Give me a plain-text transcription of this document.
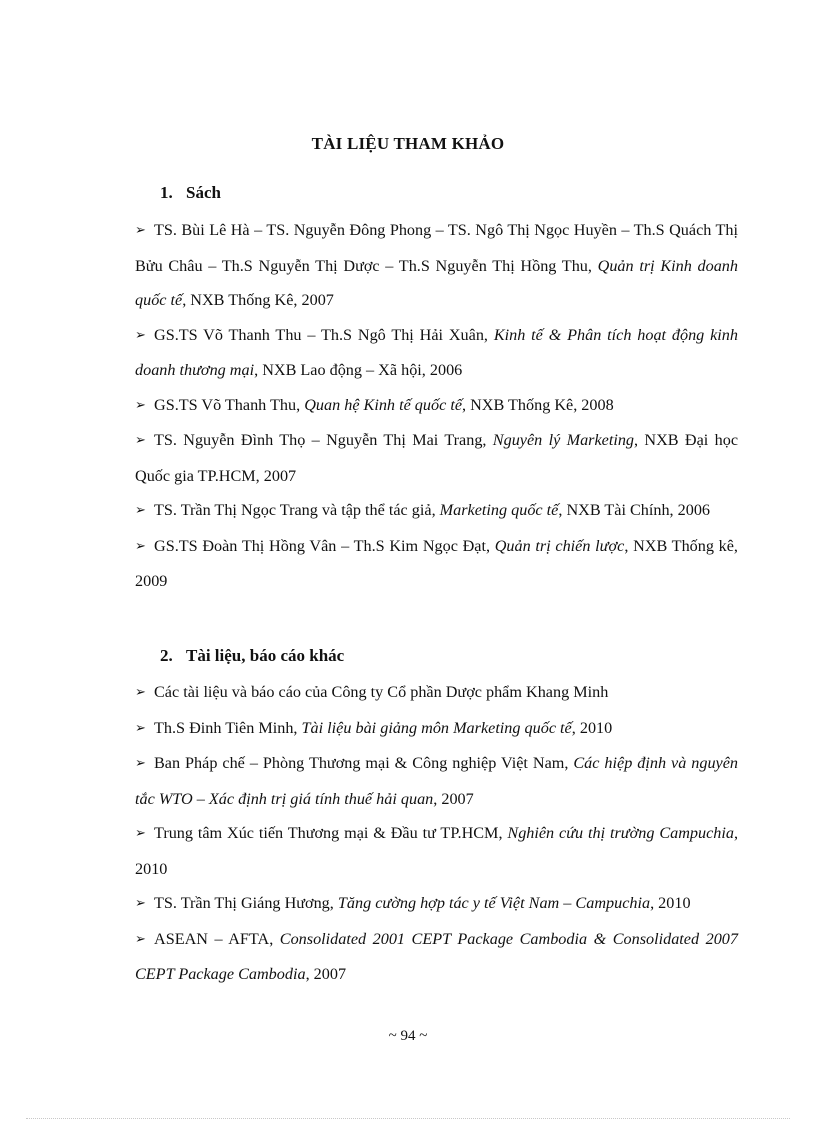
TÀI LIỆU THAM KHẢO
1. Sách

➢ TS. Bùi Lê Hà – TS. Nguyễn Đông Phong – TS. Ngô Thị Ngọc Huyền – Th.S Quách Thị Bửu Châu – Th.S Nguyễn Thị Dược – Th.S Nguyễn Thị Hồng Thu, Quản trị Kinh doanh quốc tế, NXB Thống Kê, 2007

➢ GS.TS Võ Thanh Thu – Th.S Ngô Thị Hải Xuân, Kinh tế & Phân tích hoạt động kinh doanh thương mại, NXB Lao động – Xã hội, 2006

➢ GS.TS Võ Thanh Thu, Quan hệ Kinh tế quốc tế, NXB Thống Kê, 2008

➢ TS. Nguyễn Đình Thọ – Nguyễn Thị Mai Trang, Nguyên lý Marketing, NXB Đại học Quốc gia TP.HCM, 2007

➢ TS. Trần Thị Ngọc Trang và tập thể tác giả, Marketing quốc tế, NXB Tài Chính, 2006

➢ GS.TS Đoàn Thị Hồng Vân – Th.S Kim Ngọc Đạt, Quản trị chiến lược, NXB Thống kê, 2009

2. Tài liệu, báo cáo khác

➢ Các tài liệu và báo cáo của Công ty Cổ phần Dược phẩm Khang Minh

➢ Th.S Đinh Tiên Minh, Tài liệu bài giảng môn Marketing quốc tế, 2010

➢ Ban Pháp chế – Phòng Thương mại & Công nghiệp Việt Nam, Các hiệp định và nguyên tắc WTO – Xác định trị giá tính thuế hải quan, 2007

➢ Trung tâm Xúc tiến Thương mại & Đầu tư TP.HCM, Nghiên cứu thị trường Campuchia, 2010

➢ TS. Trần Thị Giáng Hương, Tăng cường hợp tác y tế Việt Nam – Campuchia, 2010

➢ ASEAN – AFTA, Consolidated 2001 CEPT Package Cambodia & Consolidated 2007 CEPT Package Cambodia, 2007

~ 94 ~
